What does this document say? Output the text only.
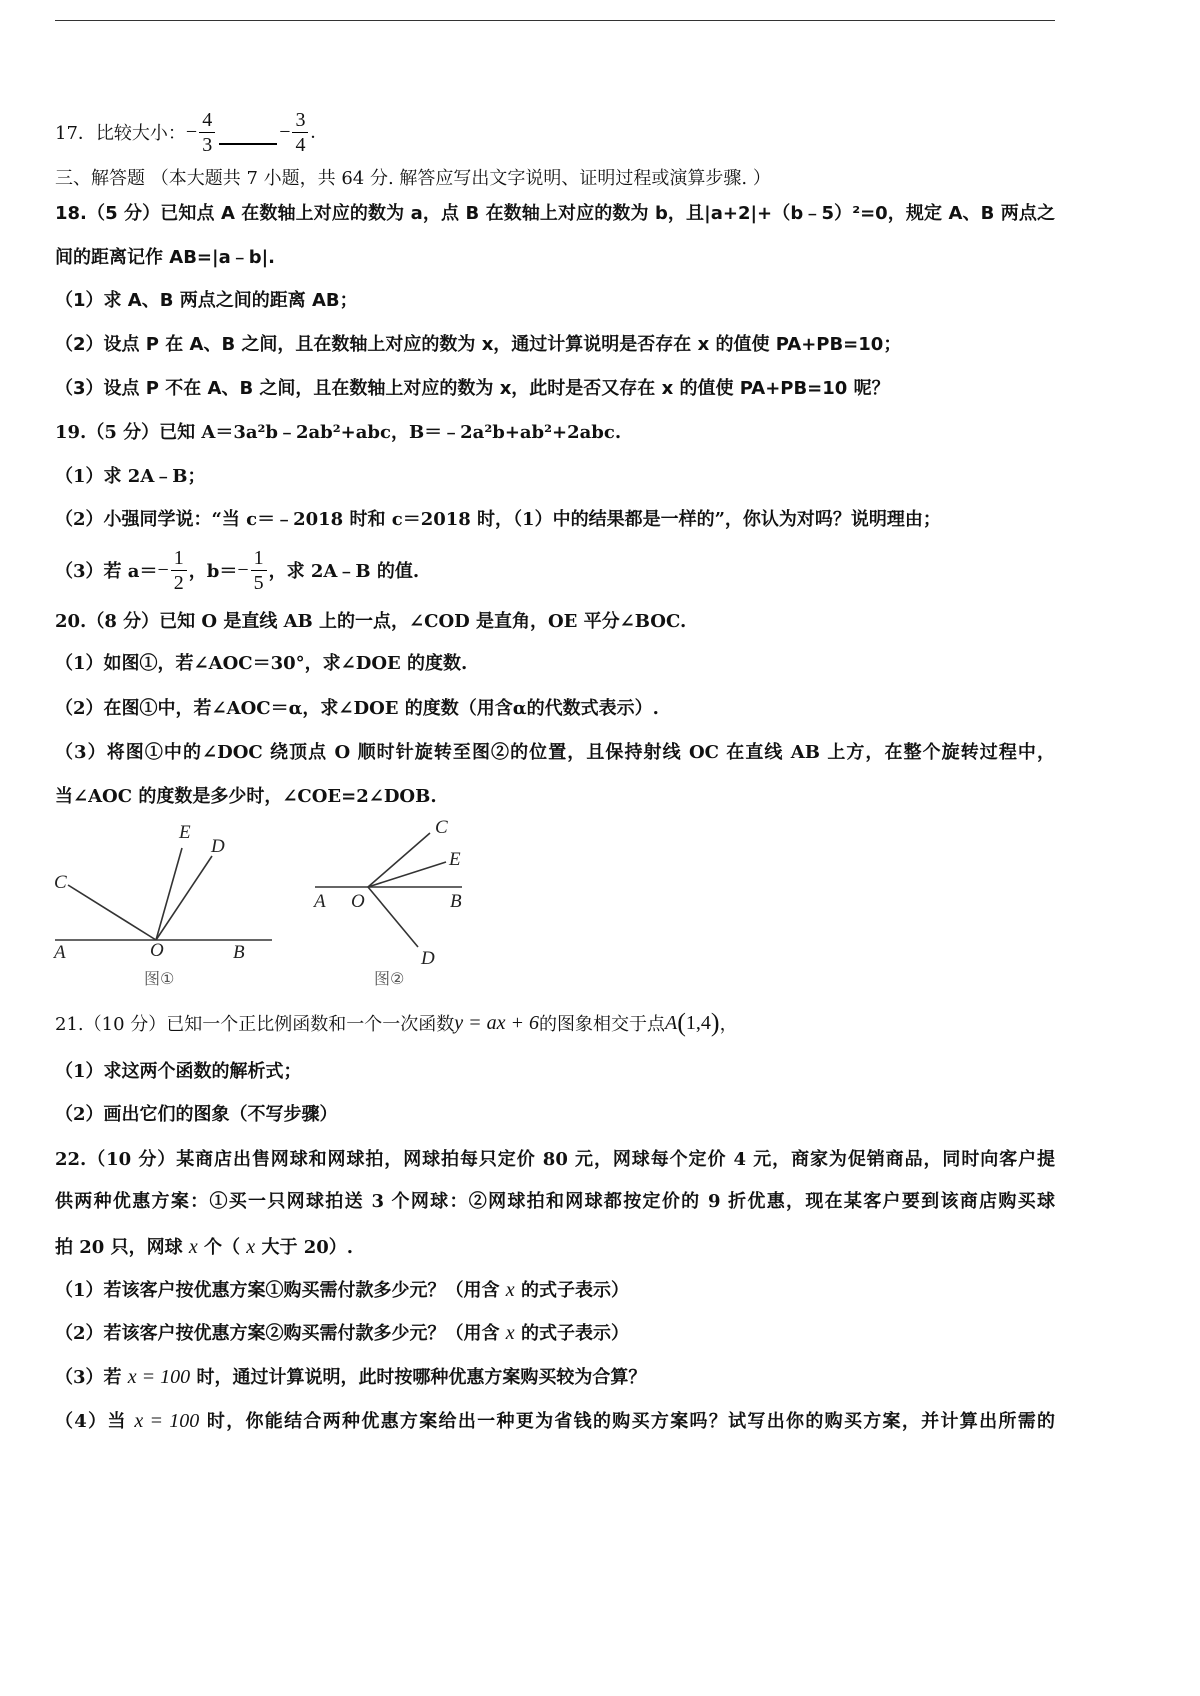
17．比较大小： − $\frac{4}{3}$	− $\frac{3}{4}$ .
三、解答题 （本大题共 7 小题，共 64 分. 解答应写出文字说明、证明过程或演算步骤. ）
18.（5 分）已知点 A 在数轴上对应的数为 a，点 B 在数轴上对应的数为 b，且|a+2|+（b﹣5）²=0，规定 A、B 两点之
间的距离记作 AB=|a﹣b|.
（1）求 A、B 两点之间的距离 AB；
（2）设点 P 在 A、B 之间，且在数轴上对应的数为 x，通过计算说明是否存在 x 的值使 PA+PB=10；
（3）设点 P 不在 A、B 之间，且在数轴上对应的数为 x，此时是否又存在 x 的值使 PA+PB=10 呢？
19.（5 分）已知 A＝3a²b﹣2ab²+abc，B＝﹣2a²b+ab²+2abc.
（1）求 2A﹣B；
（2）小强同学说：“当 c＝﹣2018 时和 c＝2018 时，（1）中的结果都是一样的”，你认为对吗？说明理由；
（3）若 $a= - \frac{1}{2}$ ，$b= - \frac{1}{5}$ ，求 2A﹣B 的值.
20.（8 分）已知 O 是直线 AB 上的一点，∠COD 是直角，OE 平分∠BOC.
（1）如图①，若∠AOC＝30°，求∠DOE 的度数.
（2）在图①中，若∠AOC＝α，求∠DOE 的度数（用含α的代数式表示）.
（3）将图①中的∠DOC 绕顶点 O 顺时针旋转至图②的位置，且保持射线 OC 在直线 AB 上方，在整个旋转过程中，
当∠AOC 的度数是多少时，∠COE=2∠DOB.
C
E
D
A	O	B
图①
C
E
A O	B
D
图②
21.（10 分）已知一个正比例函数和一个一次函数 y = ax + 6 的图象相交于点 A ( 1,4 ) ，
（1）求这两个函数的解析式；
（2）画出它们的图象（不写步骤）
22.（10 分）某商店出售网球和网球拍，网球拍每只定价 80 元，网球每个定价 4 元，商家为促销商品，同时向客户提
供两种优惠方案：①买一只网球拍送 3 个网球：②网球拍和网球都按定价的 9 折优惠，现在某客户要到该商店购买球
拍 20 只，网球 x 个（ x 大于 20）.
（1）若该客户按优惠方案①购买需付款多少元？（用含 x 的式子表示）
（2）若该客户按优惠方案②购买需付款多少元？（用含 x 的式子表示）
（3）若 x = 100 时，通过计算说明，此时按哪种优惠方案购买较为合算？
（4）当 x = 100 时，你能结合两种优惠方案给出一种更为省钱的购买方案吗？试写出你的购买方案，并计算出所需的
